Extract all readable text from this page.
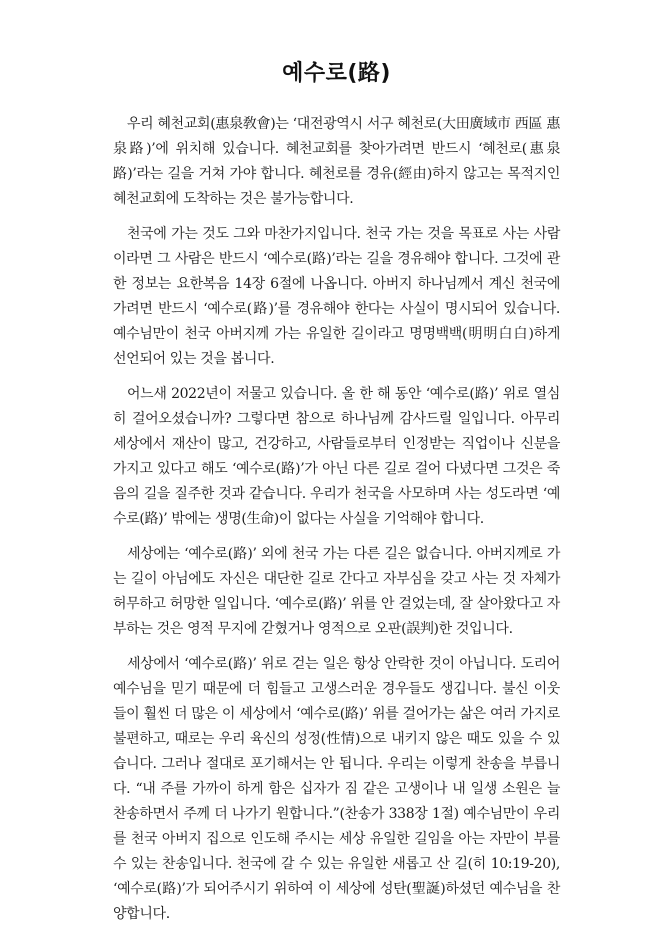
예수로(路)

우리 혜천교회(惠泉敎會)는 ‘대전광역시 서구 혜천로(大田廣域市 西區 惠泉路)’에 위치해 있습니다. 혜천교회를 찾아가려면 반드시 ‘혜천로(惠泉路)’라는 길을 거쳐 가야 합니다. 혜천로를 경유(經由)하지 않고는 목적지인 혜천교회에 도착하는 것은 불가능합니다.

천국에 가는 것도 그와 마찬가지입니다. 천국 가는 것을 목표로 사는 사람이라면 그 사람은 반드시 ‘예수로(路)’라는 길을 경유해야 합니다. 그것에 관한 정보는 요한복음 14장 6절에 나옵니다. 아버지 하나님께서 계신 천국에 가려면 반드시 ‘예수로(路)’를 경유해야 한다는 사실이 명시되어 있습니다. 예수님만이 천국 아버지께 가는 유일한 길이라고 명명백백(明明白白)하게 선언되어 있는 것을 봅니다.

어느새 2022년이 저물고 있습니다. 올 한 해 동안 ‘예수로(路)’ 위로 열심히 걸어오셨습니까? 그렇다면 참으로 하나님께 감사드릴 일입니다. 아무리 세상에서 재산이 많고, 건강하고, 사람들로부터 인정받는 직업이나 신분을 가지고 있다고 해도 ‘예수로(路)’가 아닌 다른 길로 걸어 다녔다면 그것은 죽음의 길을 질주한 것과 같습니다. 우리가 천국을 사모하며 사는 성도라면 ‘예수로(路)’ 밖에는 생명(生命)이 없다는 사실을 기억해야 합니다.

세상에는 ‘예수로(路)’ 외에 천국 가는 다른 길은 없습니다. 아버지께로 가는 길이 아님에도 자신은 대단한 길로 간다고 자부심을 갖고 사는 것 자체가 허무하고 허망한 일입니다. ‘예수로(路)’ 위를 안 걸었는데, 잘 살아왔다고 자부하는 것은 영적 무지에 갇혔거나 영적으로 오판(誤判)한 것입니다.

세상에서 ‘예수로(路)’ 위로 걷는 일은 항상 안락한 것이 아닙니다. 도리어 예수님을 믿기 때문에 더 힘들고 고생스러운 경우들도 생깁니다. 불신 이웃들이 훨씬 더 많은 이 세상에서 ‘예수로(路)’ 위를 걸어가는 삶은 여러 가지로 불편하고, 때로는 우리 육신의 성정(性情)으로 내키지 않은 때도 있을 수 있습니다. 그러나 절대로 포기해서는 안 됩니다. 우리는 이렇게 찬송을 부릅니다. “내 주를 가까이 하게 함은 십자가 짐 같은 고생이나 내 일생 소원은 늘 찬송하면서 주께 더 나가기 원합니다.”(찬송가 338장 1절) 예수님만이 우리를 천국 아버지 집으로 인도해 주시는 세상 유일한 길임을 아는 자만이 부를 수 있는 찬송입니다. 천국에 갈 수 있는 유일한 새롭고 산 길(히 10:19-20), ‘예수로(路)’가 되어주시기 위하여 이 세상에 성탄(聖誕)하셨던 예수님을 찬양합니다.
